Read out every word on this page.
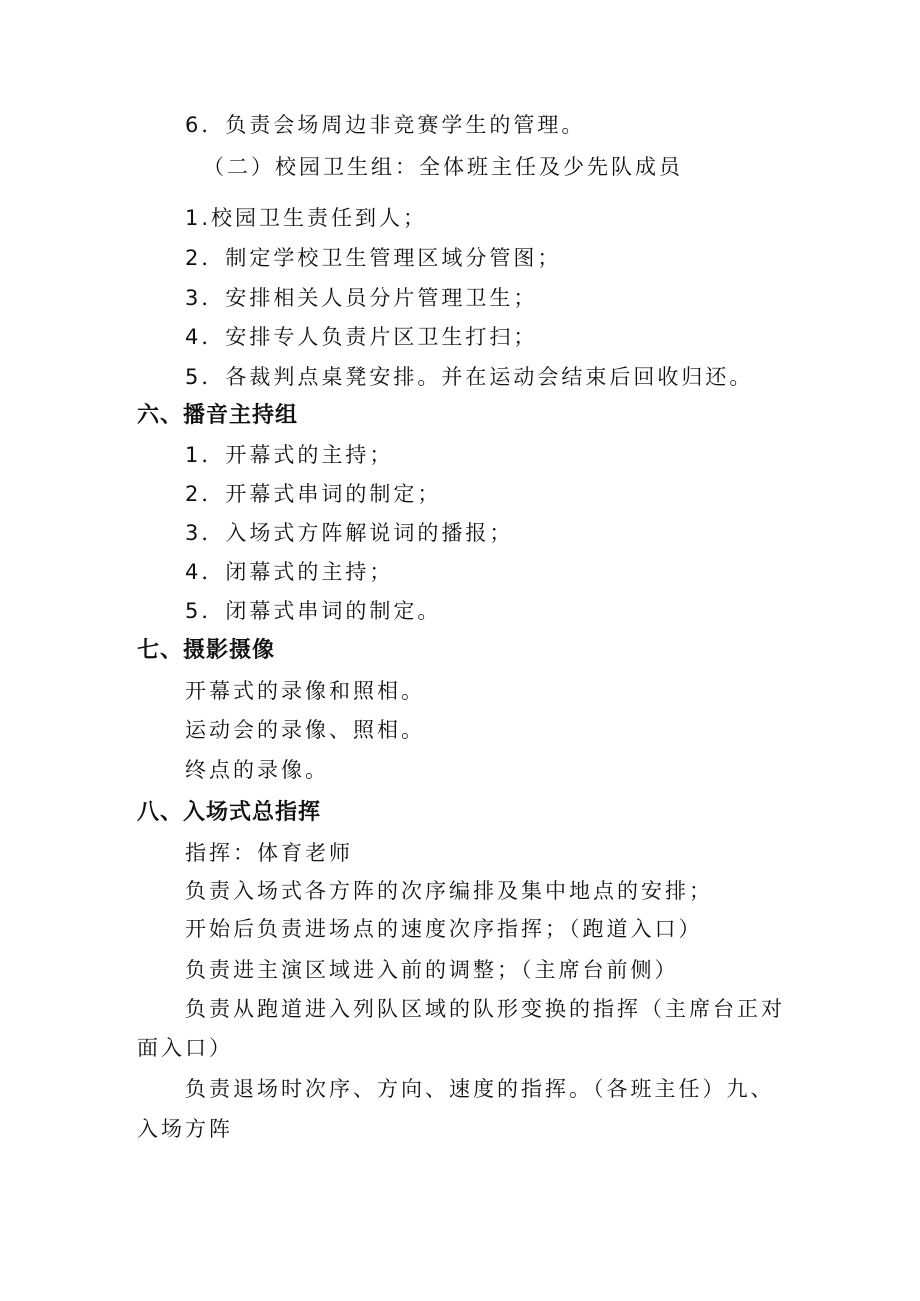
6．负责会场周边非竞赛学生的管理。
（二）校园卫生组：全体班主任及少先队成员
1.校园卫生责任到人；
2．制定学校卫生管理区域分管图；
3．安排相关人员分片管理卫生；
4．安排专人负责片区卫生打扫；
5．各裁判点桌凳安排。并在运动会结束后回收归还。
六、播音主持组
1．开幕式的主持；
2．开幕式串词的制定；
3．入场式方阵解说词的播报；
4．闭幕式的主持；
5．闭幕式串词的制定。
七、摄影摄像
开幕式的录像和照相。
运动会的录像、照相。
终点的录像。
八、入场式总指挥
指挥：体育老师
负责入场式各方阵的次序编排及集中地点的安排；
开始后负责进场点的速度次序指挥；（跑道入口）
负责进主演区域进入前的调整；（主席台前侧）
负责从跑道进入列队区域的队形变换的指挥（主席台正对
面入口）
负责退场时次序、方向、速度的指挥。（各班主任）九、
入场方阵
